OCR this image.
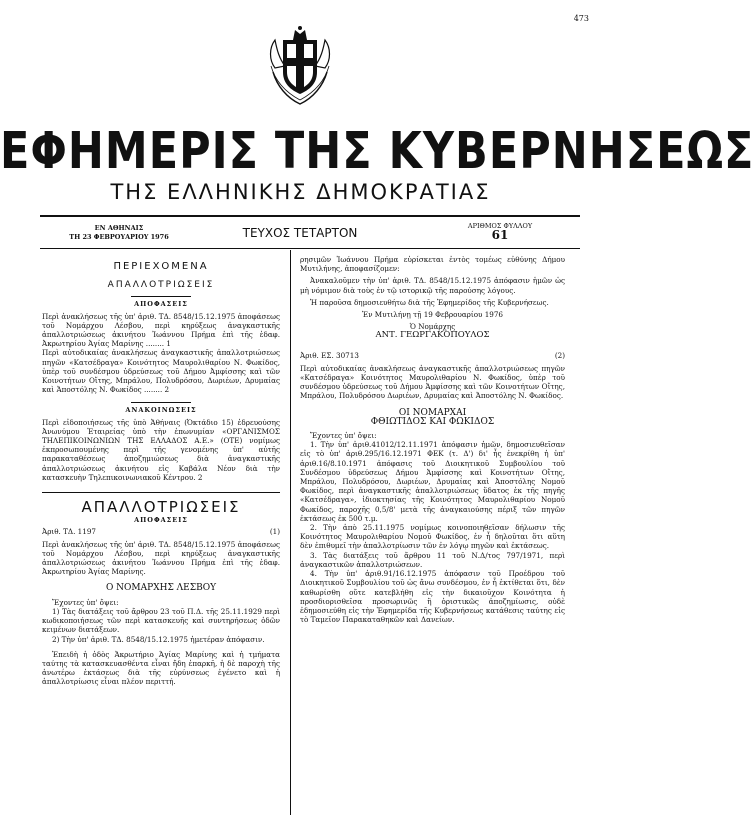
473
ΕΦΗΜΕΡΙΣ ΤΗΣ ΚΥΒΕΡΝΗΣΕΩΣ
ΤΗΣ ΕΛΛΗΝΙΚΗΣ ΔΗΜΟΚΡΑΤΙΑΣ
ΕΝ ΑΘΗΝΑΙΣ
ΤΗ 23 ΦΕΒΡΟΥΑΡΙΟΥ 1976	ΤΕΥΧΟΣ ΤΕΤΑΡΤΟΝ	ΑΡΙΘΜΟΣ ΦΥΛΛΟΥ
61
ΠΕΡΙΕΧΟΜΕΝΑ
ΑΠΑΛΛΟΤΡΙΩΣΕΙΣ
ΑΠΟΦΑΣΕΙΣ

Περὶ ἀνακλήσεως τῆς ὑπ' ἀριθ. ΤΔ. 8548/15.12.1975 ἀποφάσεως τοῦ Νομάρχου Λέσβου, περὶ κηρύξεως ἀναγκαστικῆς ἀπαλλοτριώσεως ἀκινήτου Ἰωάννου Πρήμα ἐπὶ τῆς ἐδαφ. Ἀκρωτηρίου Ἁγίας Μαρίνης ........ 1

Περὶ αὐτοδικαίας ἀνακλήσεως ἀναγκαστικῆς ἀπαλλοτριώσεως πηγῶν «Κατσέδραγα» Κοινότητος Μαυρολιθαρίου Ν. Φωκίδος, ὑπὲρ τοῦ συνδέσμου ὑδρεύσεως τοῦ Δήμου Ἀμφίσσης καὶ τῶν Κοινοτήτων Οἴτης, Μπράλου, Πολυδρόσου, Δωριέων, Δρυμαίας καὶ Ἀποστόλης Ν. Φωκίδος ........ 2

ΑΝΑΚΟΙΝΩΣΕΙΣ

Περὶ εἰδοποιήσεως τῆς ὑπὸ Ἀθήναις (Ὀκτάδιο 15) ἐδρευούσης Ἀνωνύμου Ἑταιρείας ὑπὸ τὴν ἐπωνυμίαν «ΟΡΓΑΝΙΣΜΟΣ ΤΗΛΕΠΙΚΟΙΝΩΝΙΩΝ ΤΗΣ ΕΛΛΑΔΟΣ Α.Ε.» (ΟΤΕ) νομίμως ἐκπροσωπουμένης περὶ τῆς γενομένης ὑπ' αὐτῆς παρακαταθέσεως ἀποζημιώσεως διὰ ἀναγκαστικῆς ἀπαλλοτριώσεως ἀκινήτου εἰς Καβάλα Νέον διὰ τὴν κατασκευὴν Τηλεπικοινωνιακοῦ Κέντρου. 2

ΑΠΑΛΛΟΤΡΙΩΣΕΙΣ
ΑΠΟΦΑΣΕΙΣ
Ἀριθ. ΤΔ. 1197	(1)

Περὶ ἀνακλήσεως τῆς ὑπ' ἀριθ. ΤΔ. 8548/15.12.1975 ἀποφάσεως τοῦ Νομάρχου Λέσβου, περὶ κηρύξεως ἀναγκαστικῆς ἀπαλλοτριώσεως ἀκινήτου Ἰωάννου Πρήμα ἐπὶ τῆς ἐδαφ. Ἀκρωτηρίου Ἁγίας Μαρίνης.

Ο ΝΟΜΑΡΧΗΣ ΛΕΣΒΟΥ

Ἔχοντες ὑπ' ὄψει:

1) Τὰς διατάξεις τοῦ ἄρθρου 23 τοῦ Π.Δ. τῆς 25.11.1929 περὶ κωδικοποιήσεως τῶν περὶ κατασκευῆς καὶ συντηρήσεως ὁδῶν κειμένων διατάξεων.

2) Τὴν ὑπ' ἀριθ. ΤΔ. 8548/15.12.1975 ἡμετέραν ἀπόφασιν.

Ἐπειδὴ ἡ ὁδὸς Ἀκρωτήριο Ἁγίας Μαρίνης καὶ ἡ τμήματα ταύτης τὰ κατασκευασθέντα εἶναι ἤδη ἐπαρκῆ, ἡ δὲ παροχὴ τῆς ἀνωτέρω ἐκτάσεως διὰ τῆς εὐρύνσεως ἐγένετο καὶ ἡ ἀπαλλοτρίωσις εἶναι πλέον περιττή.

ρησιμῶν Ἰωάννου Πρήμα εὑρίσκεται ἐντὸς τομέως εὐθύνης Δήμου Μυτιλήνης, ἀποφασίζομεν:

Ἀνακαλοῦμεν τὴν ὑπ' ἀριθ. ΤΔ. 8548/15.12.1975 ἀπόφασιν ἡμῶν ὡς μὴ νόμιμον διὰ τοὺς ἐν τῷ ιστορικῷ τῆς παρούσης λόγους.

Ἡ παροῦσα δημοσιευθήτω διὰ τῆς Ἐφημερίδος τῆς Κυβερνήσεως.

Ἐν Μυτιλήνῃ τῇ 19 Φεβρουαρίου 1976

Ὁ Νομάρχης

ΑΝΤ. ΓΕΩΡΓΑΚΟΠΟΥΛΟΣ

Ἀριθ. ΕΣ. 30713	(2)

Περὶ αὐτοδικαίας ἀνακλήσεως ἀναγκαστικῆς ἀπαλλοτριώσεως πηγῶν «Κατσέδραγα» Κοινότητος Μαυρολιθαρίου Ν. Φωκίδος, ὑπὲρ τοῦ συνδέσμου ὑδρεύσεως τοῦ Δήμου Ἀμφίσσης καὶ τῶν Κοινοτήτων Οἴτης, Μπράλου, Πολυδρόσου Δωριέων, Δρυμαίας καὶ Ἀποστόλης Ν. Φωκίδος.

ΟΙ ΝΟΜΑΡΧΑΙ
ΦΘΙΩΤΙΔΟΣ ΚΑΙ ΦΩΚΙΔΟΣ

Ἔχοντες ὑπ' ὄψει:

1. Τὴν ὑπ' ἀριθ.41012/12.11.1971 ἀπόφασιν ἡμῶν, δημοσιευθεῖσαν εἰς τὸ ὑπ' ἀριθ.295/16.12.1971 ΦΕΚ (τ. Δ') δι' ἧς ἐνεκρίθη ἡ ὑπ' ἀριθ.16/8.10.1971 ἀπόφασις τοῦ Διοικητικοῦ Συμβουλίου τοῦ Συνδέσμου ὑδρεύσεως Δήμου Ἀμφίσσης καὶ Κοινοτήτων Οἴτης, Μπράλου, Πολυδρόσου, Δωριέων, Δρυμαίας καὶ Ἀποστόλης Νομοῦ Φωκίδος, περὶ ἀναγκαστικῆς ἀπαλλοτριώσεως ὕδατος ἐκ τῆς πηγῆς «Κατσέδραγα», ἰδιοκτησίας τῆς Κοινότητος Μαυρολιθαρίου Νομοῦ Φωκίδος, παροχῆς 0,5/8' μετὰ τῆς ἀναγκαιούσης πέριξ τῶν πηγῶν ἐκτάσεως ἐκ 500 τ.μ.

2. Τὴν ἀπὸ 25.11.1975 νομίμως κοινοποιηθεῖσαν δήλωσιν τῆς Κοινότητος Μαυρολιθαρίου Νομοῦ Φωκίδος, ἐν ἧ δηλοῦται ὅτι αὕτη δὲν ἐπιθυμεῖ τὴν ἀπαλλοτρίωσιν τῶν ἐν λόγῳ πηγῶν καὶ ἐκτάσεως.

3. Τὰς διατάξεις τοῦ ἄρθρου 11 τοῦ Ν.Δ/τος 797/1971, περὶ ἀναγκαστικῶν ἀπαλλοτριώσεων.

4. Τὴν ὑπ' ἀριθ.91/16.12.1975 ἀπόφασιν τοῦ Προέδρου τοῦ Διοικητικοῦ Συμβουλίου τοῦ ὡς ἄνω συνδέσμου, ἐν ἧ ἐκτίθεται ὅτι, δὲν καθωρίσθη οὔτε κατεβλήθη εἰς τὴν δικαιοῦχον Κοινότητα ἡ προσδιορισθεῖσα προσωρινῶς ἢ ὁριστικῶς ἀποζημίωσις, οὐδὲ ἐδημοσιεύθη εἰς τὴν Ἐφημερίδα τῆς Κυβερνήσεως κατάθεσις ταύτης εἰς τὸ Ταμεῖον Παρακαταθηκῶν καὶ Δανείων.
